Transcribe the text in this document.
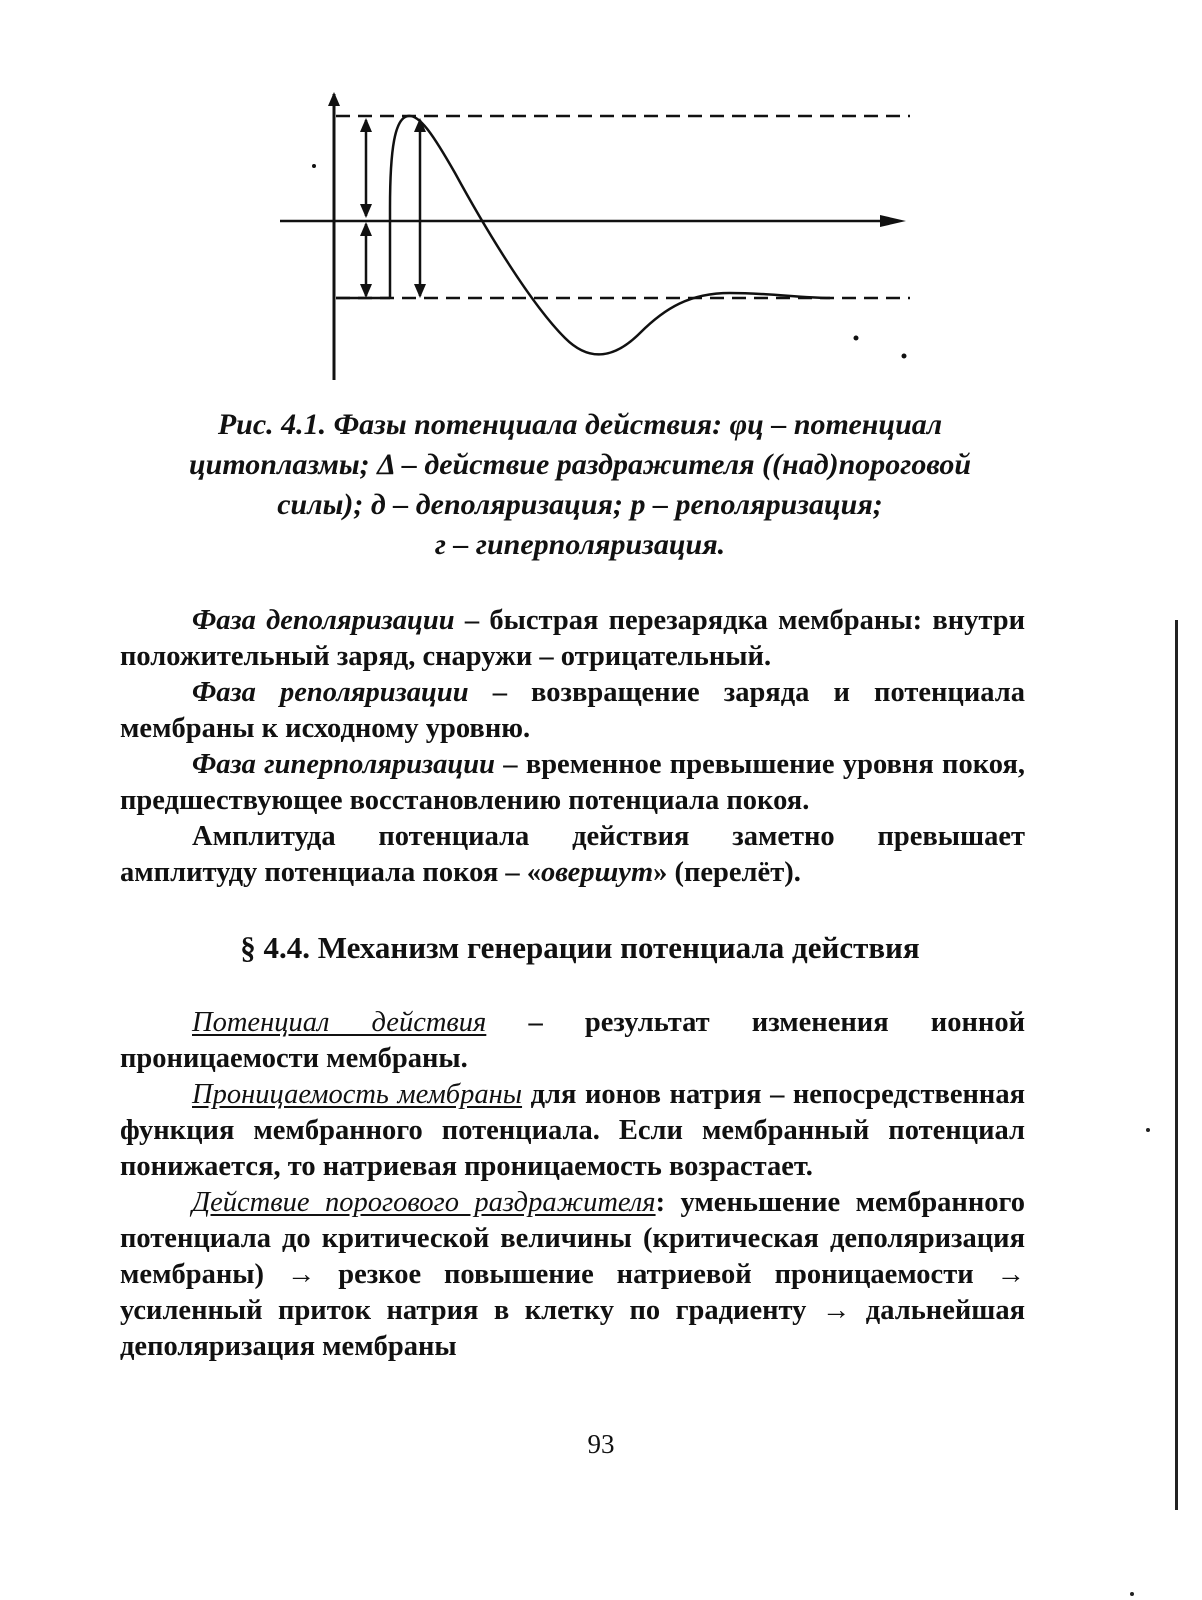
Рис. 4.1. Фазы потенциала действия: φц – потенциал
цитоплазмы; Δ – действие раздражителя ((над)пороговой
силы); д – деполяризация; р – реполяризация;
г – гиперполяризация.

Фаза деполяризации – быстрая перезарядка мембраны: внутри положительный заряд, снаружи – отрицательный.

Фаза реполяризации – возвращение заряда и потенциала мембраны к исходному уровню.

Фаза гиперполяризации – временное превышение уровня покоя, предшествующее восстановлению потенциала покоя.

Амплитуда потенциала действия заметно превышает амплитуду потенциала покоя – «овершут» (перелёт).

§ 4.4. Механизм генерации потенциала действия

Потенциал действия – результат изменения ионной проницаемости мембраны.

Проницаемость мембраны для ионов натрия – непосредственная функция мембранного потенциала. Если мембранный потенциал понижается, то натриевая проницаемость возрастает.

Действие порогового раздражителя: уменьшение мембранного потенциала до критической величины (критическая деполяризация мембраны) → резкое повышение натриевой проницаемости → усиленный приток натрия в клетку по градиенту → дальнейшая деполяризация мембраны

93
